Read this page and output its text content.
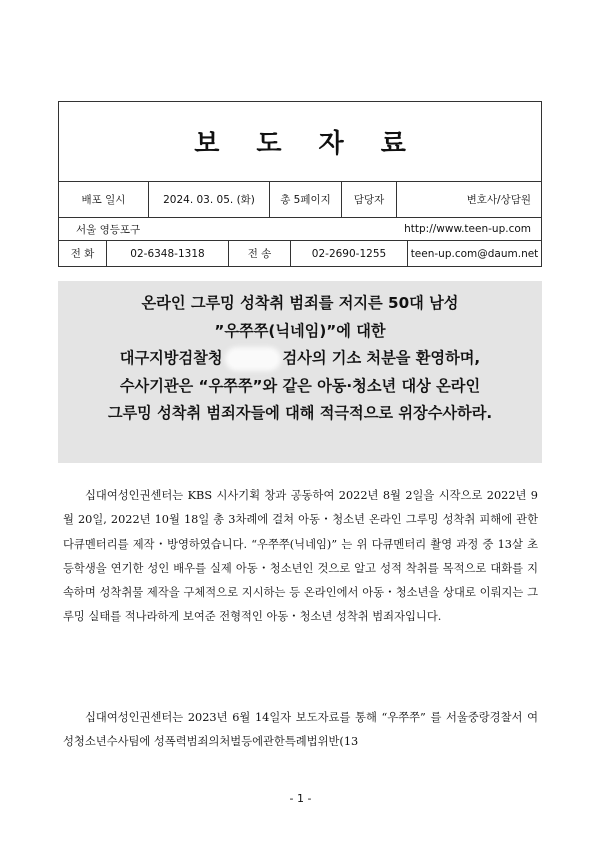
보 도 자 료
배포 일시	2024. 03. 05. (화)	총 5페이지	담당자	변호사/상담원
서울 영등포구	http://www.teen-up.com
전 화	02-6348-1318	전 송	02-2690-1255	teen-up.com@daum.net
온라인 그루밍 성착취 범죄를 저지른 50대 남성
”우쭈쭈(닉네임)”에 대한
대구지방검찰청	검사의 기소 처분을 환영하며,
수사기관은 “우쭈쭈”와 같은 아동·청소년 대상 온라인
그루밍 성착취 범죄자들에 대해 적극적으로 위장수사하라.
십대여성인권센터는 KBS 시사기획 창과 공동하여 2022년 8월 2일을 시작으로 2022년 9월 20일, 2022년 10월 18일 총 3차례에 걸쳐 아동・청소년 온라인 그루밍 성착취 피해에 관한 다큐멘터리를 제작・방영하였습니다. “우쭈쭈(닉네임)” 는 위 다큐멘터리 촬영 과정 중 13살 초등학생을 연기한 성인 배우를 실제 아동・청소년인 것으로 알고 성적 착취를 목적으로 대화를 지속하며 성착취물 제작을 구체적으로 지시하는 등 온라인에서 아동・청소년을 상대로 이뤄지는 그루밍 실태를 적나라하게 보여준 전형적인 아동・청소년 성착취 범죄자입니다.
십대여성인권센터는 2023년 6월 14일자 보도자료를 통해 “우쭈쭈” 를 서울중랑경찰서 여성청소년수사팀에 성폭력범죄의처벌등에관한특례법위반(13
- 1 -
